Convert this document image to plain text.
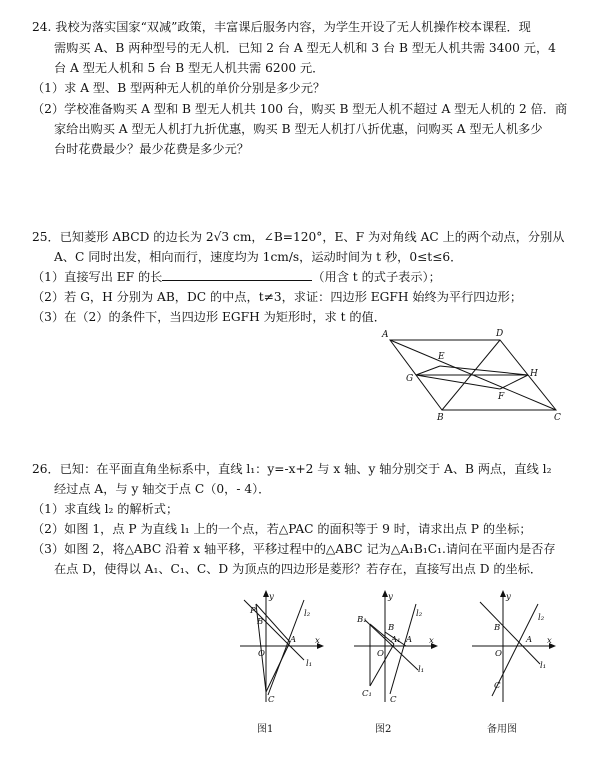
24. 我校为落实国家“双减”政策，丰富课后服务内容，为学生开设了无人机操作校本课程．现
需购买 A、B 两种型号的无人机．已知 2 台 A 型无人机和 3 台 B 型无人机共需 3400 元，4
台 A 型无人机和 5 台 B 型无人机共需 6200 元．
（1）求 A 型、B 型两种无人机的单价分别是多少元？
（2）学校准备购买 A 型和 B 型无人机共 100 台，购买 B 型无人机不超过 A 型无人机的 2 倍．商
家给出购买 A 型无人机打九折优惠，购买 B 型无人机打八折优惠，问购买 A 型无人机多少
台时花费最少？最少花费是多少元？
25．已知菱形 ABCD 的边长为 2√3 cm，∠B=120°，E、F 为对角线 AC 上的两个动点，分别从
A、C 同时出发，相向而行，速度均为 1cm/s，运动时间为 t 秒，0≤t≤6．
（1）直接写出 EF 的长	（用含 t 的式子表示）；
（2）若 G，H 分别为 AB，DC 的中点，t≠3，求证：四边形 EGFH 始终为平行四边形；
（3）在（2）的条件下，当四边形 EGFH 为矩形时，求 t 的值．
A	D
E
G	H
F
B	C
26．已知：在平面直角坐标系中，直线 l₁：y=-x+2 与 x 轴、y 轴分别交于 A、B 两点，直线 l₂
经过点 A，与 y 轴交于点 C（0，- 4）．
（1）求直线 l₂ 的解析式；
（2）如图 1，点 P 为直线 l₁ 上的一个点，若△PAC 的面积等于 9 时，请求出点 P 的坐标；
（3）如图 2，将△ABC 沿着 x 轴平移，平移过程中的△ABC 记为△A₁B₁C₁.请问在平面内是否存
在点 D，使得以 A₁、C₁、C、D 为顶点的四边形是菱形？若存在，直接写出点 D 的坐标．
y
x
O
A
B
C
P
l₁
l₂
图1
y
x
O
A
B
C
A₁
B₁
C₁
l₁
l₂
图2
y
x
O
A
B
C
l₂
l₁
备用图
